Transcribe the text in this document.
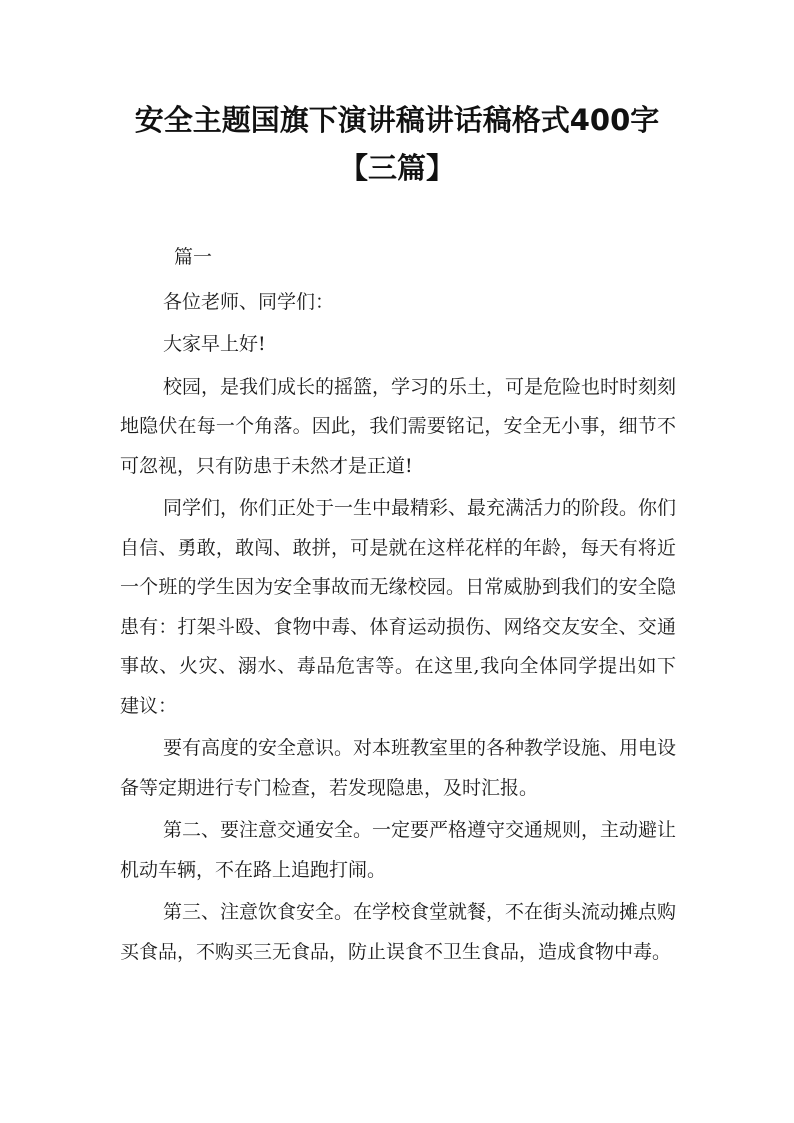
安全主题国旗下演讲稿讲话稿格式400字
【三篇】

篇一

各位老师、同学们：

大家早上好!

校园，是我们成长的摇篮，学习的乐土，可是危险也时时刻刻地隐伏在每一个角落。因此，我们需要铭记，安全无小事，细节不可忽视，只有防患于未然才是正道!

同学们，你们正处于一生中最精彩、最充满活力的阶段。你们自信、勇敢，敢闯、敢拼，可是就在这样花样的年龄，每天有将近一个班的学生因为安全事故而无缘校园。日常威胁到我们的安全隐患有：打架斗殴、食物中毒、体育运动损伤、网络交友安全、交通事故、火灾、溺水、毒品危害等。在这里,我向全体同学提出如下建议：

要有高度的安全意识。对本班教室里的各种教学设施、用电设备等定期进行专门检查，若发现隐患，及时汇报。

第二、要注意交通安全。一定要严格遵守交通规则，主动避让机动车辆，不在路上追跑打闹。

第三、注意饮食安全。在学校食堂就餐，不在街头流动摊点购买食品，不购买三无食品，防止误食不卫生食品，造成食物中毒。
